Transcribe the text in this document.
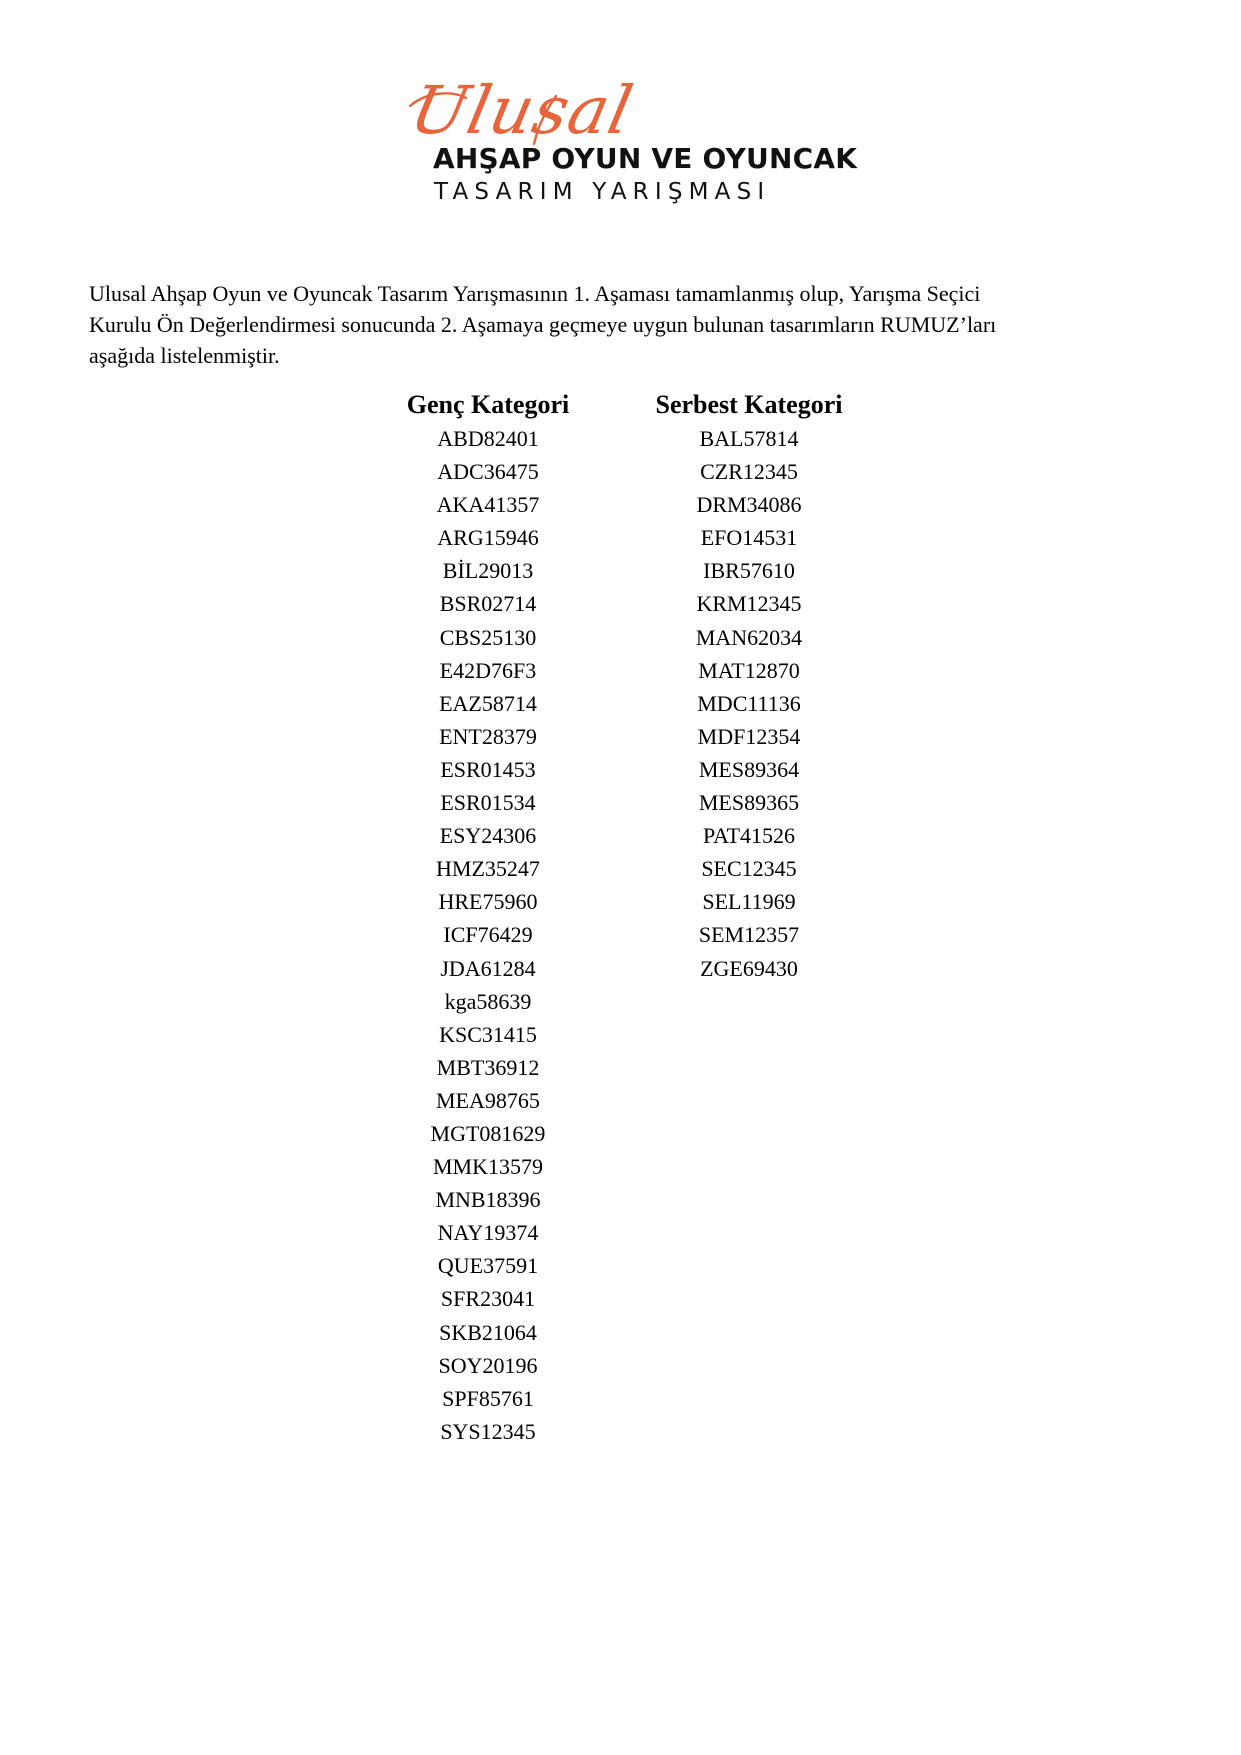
Ulusal
AHŞAP OYUN VE OYUNCAK
TASARIM YARIŞMASI

Ulusal Ahşap Oyun ve Oyuncak Tasarım Yarışmasının 1. Aşaması tamamlanmış olup, Yarışma Seçici
Kurulu Ön Değerlendirmesi sonucunda 2. Aşamaya geçmeye uygun bulunan tasarımların RUMUZ’ları
aşağıda listelenmiştir.

Genç Kategori
ABD82401
ADC36475
AKA41357
ARG15946
BİL29013
BSR02714
CBS25130
E42D76F3
EAZ58714
ENT28379
ESR01453
ESR01534
ESY24306
HMZ35247
HRE75960
ICF76429
JDA61284
kga58639
KSC31415
MBT36912
MEA98765
MGT081629
MMK13579
MNB18396
NAY19374
QUE37591
SFR23041
SKB21064
SOY20196
SPF85761
SYS12345
Serbest Kategori
BAL57814
CZR12345
DRM34086
EFO14531
IBR57610
KRM12345
MAN62034
MAT12870
MDC11136
MDF12354
MES89364
MES89365
PAT41526
SEC12345
SEL11969
SEM12357
ZGE69430
